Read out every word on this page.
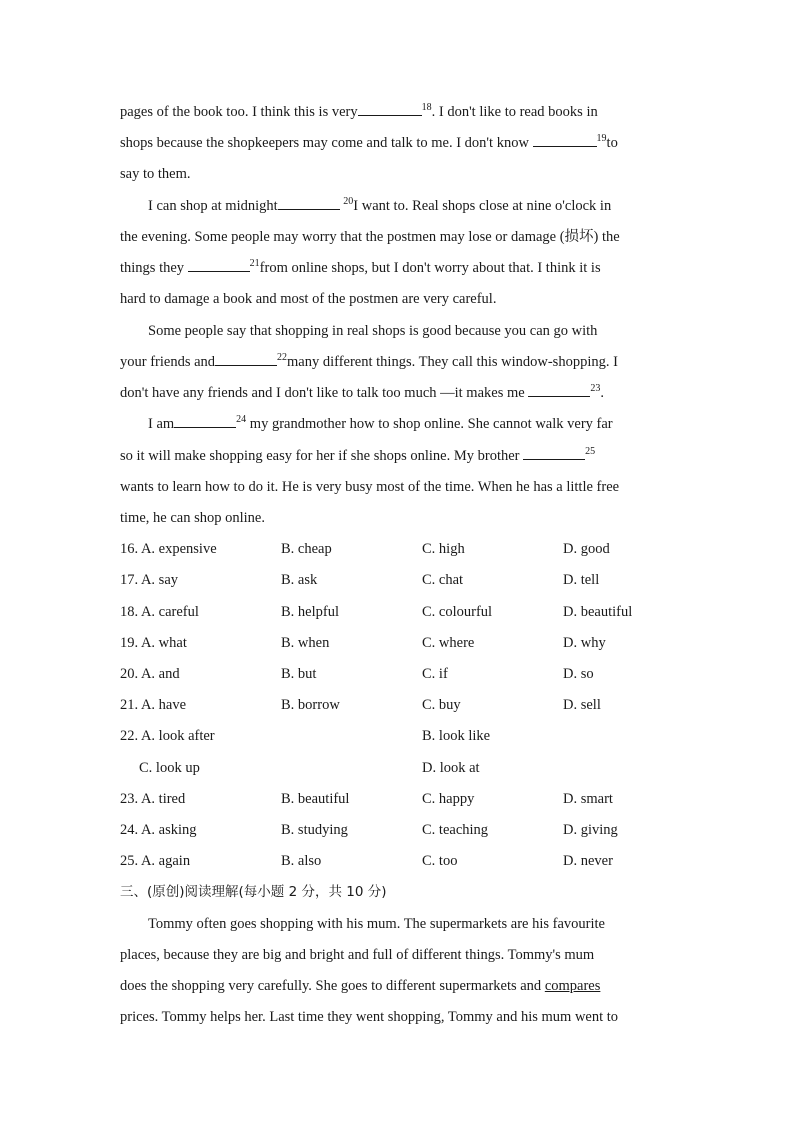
pages of the book too. I think this is very	$^{18}$. I don't like to read books in
shops because the shopkeepers may come and talk to me. I don't know	$^{19}$to
say to them.
I can shop at midnight	$^{20}$I want to. Real shops close at nine o'clock in
the evening. Some people may worry that the postmen may lose or damage (损坏) the
things they	$^{21}$from online shops, but I don't worry about that. I think it is
hard to damage a book and most of the postmen are very careful.
Some people say that shopping in real shops is good because you can go with
your friends and	$^{22}$many different things. They call this window-shopping. I
don't have any friends and I don't like to talk too much —it makes me	$^{23}$.
I am	$^{24}$ my grandmother how to shop online. She cannot walk very far
so it will make shopping easy for her if she shops online. My brother	$^{25}$
wants to learn how to do it. He is very busy most of the time. When he has a little free
time, he can shop online.
16. A. expensive	B. cheap	C. high	D. good
17. A. say	B. ask	C. chat	D. tell
18. A. careful	B. helpful	C. colourful	D. beautiful
19. A. what	B. when	C. where	D. why
20. A. and	B. but	C. if	D. so
21. A. have	B. borrow	C. buy	D. sell
22. A. look after	B. look like
C. look up	D. look at
23. A. tired	B. beautiful	C. happy	D. smart
24. A. asking	B. studying	C. teaching	D. giving
25. A. again	B. also	C. too	D. never
三、(原创)阅读理解(每小题 2 分，共 10 分)
Tommy often goes shopping with his mum. The supermarkets are his favourite
places, because they are big and bright and full of different things. Tommy's mum
does the shopping very carefully. She goes to different supermarkets and compares
prices. Tommy helps her. Last time they went shopping, Tommy and his mum went to
